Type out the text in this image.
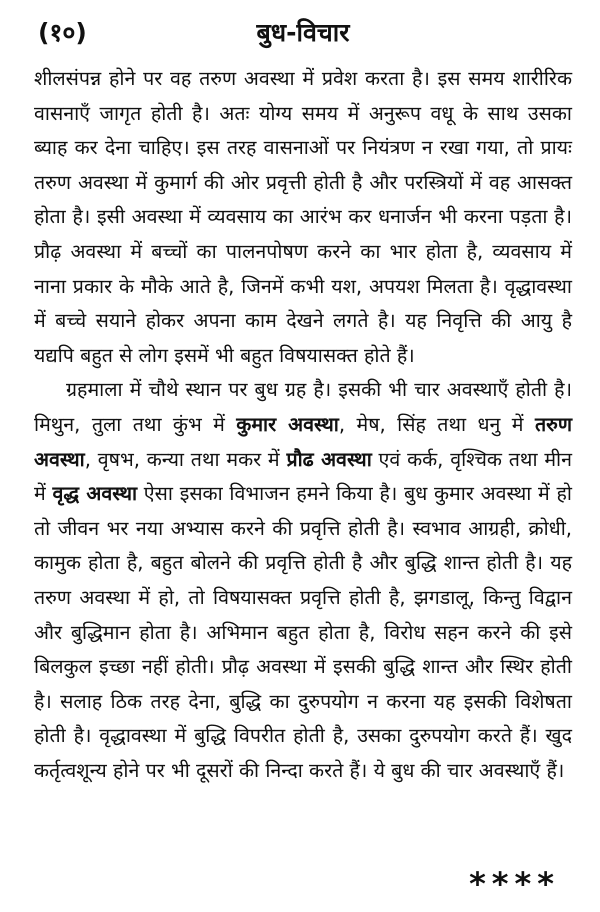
(१०)	बुध-विचार

शीलसंपन्न होने पर वह तरुण अवस्था में प्रवेश करता है। इस समय शारीरिक वासनाएँ जागृत होती है। अतः योग्य समय में अनुरूप वधू के साथ उसका ब्याह कर देना चाहिए। इस तरह वासनाओं पर नियंत्रण न रखा गया, तो प्रायः तरुण अवस्था में कुमार्ग की ओर प्रवृत्ती होती है और परस्त्रियों में वह आसक्त होता है। इसी अवस्था में व्यवसाय का आरंभ कर धनार्जन भी करना पड़ता है। प्रौढ़ अवस्था में बच्चों का पालनपोषण करने का भार होता है, व्यवसाय में नाना प्रकार के मौके आते है, जिनमें कभी यश, अपयश मिलता है। वृद्धावस्था में बच्चे सयाने होकर अपना काम देखने लगते है। यह निवृत्ति की आयु है यद्यपि बहुत से लोग इसमें भी बहुत विषयासक्त होते हैं।

ग्रहमाला में चौथे स्थान पर बुध ग्रह है। इसकी भी चार अवस्थाएँ होती है। मिथुन, तुला तथा कुंभ में कुमार अवस्था, मेष, सिंह तथा धनु में तरुण अवस्था, वृषभ, कन्या तथा मकर में प्रौढ अवस्था एवं कर्क, वृश्चिक तथा मीन में वृद्ध अवस्था ऐसा इसका विभाजन हमने किया है। बुध कुमार अवस्था में हो तो जीवन भर नया अभ्यास करने की प्रवृत्ति होती है। स्वभाव आग्रही, क्रोधी, कामुक होता है, बहुत बोलने की प्रवृत्ति होती है और बुद्धि शान्त होती है। यह तरुण अवस्था में हो, तो विषयासक्त प्रवृत्ति होती है, झगडालू, किन्तु विद्वान और बुद्धिमान होता है। अभिमान बहुत होता है, विरोध सहन करने की इसे बिलकुल इच्छा नहीं होती। प्रौढ़ अवस्था में इसकी बुद्धि शान्त और स्थिर होती है। सलाह ठिक तरह देना, बुद्धि का दुरुपयोग न करना यह इसकी विशेषता होती है। वृद्धावस्था में बुद्धि विपरीत होती है, उसका दुरुपयोग करते हैं। खुद कर्तृत्वशून्य होने पर भी दूसरों की निन्दा करते हैं। ये बुध की चार अवस्थाएँ हैं।

****
